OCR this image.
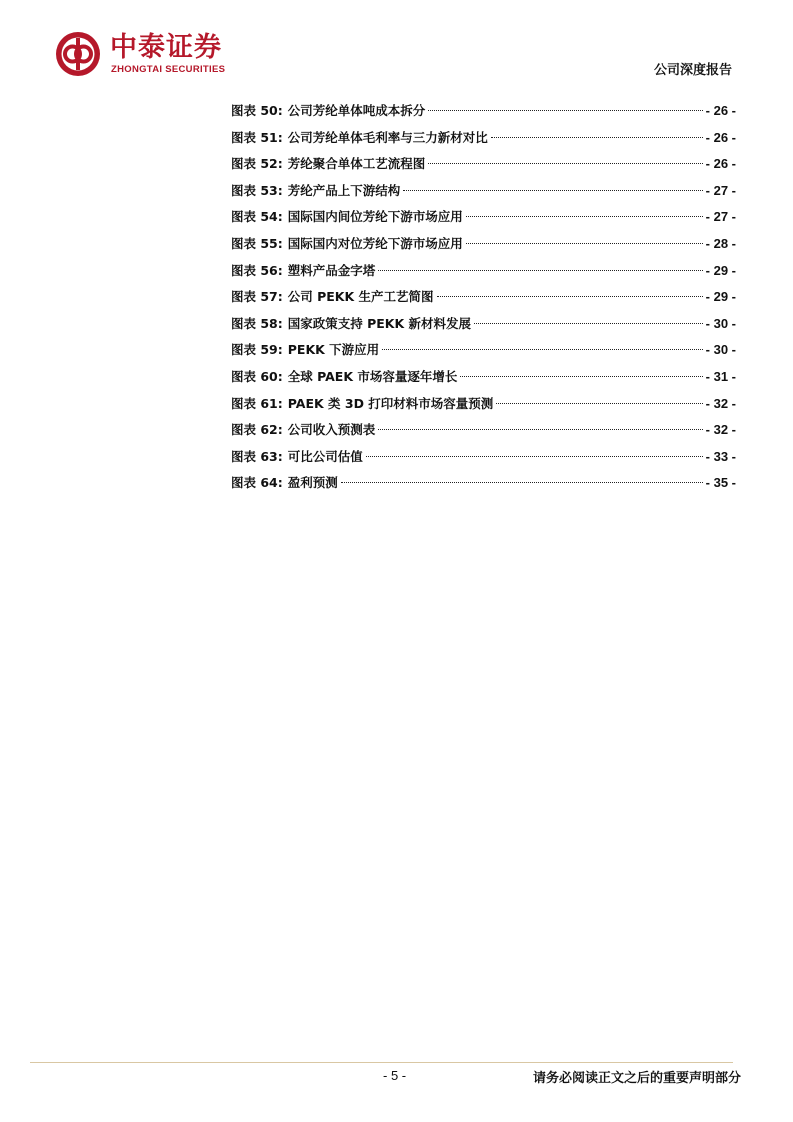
中泰证券
ZHONGTAI SECURITIES	公司深度报告
图表 50: 公司芳纶单体吨成本拆分	- 26 -
图表 51: 公司芳纶单体毛利率与三力新材对比	- 26 -
图表 52: 芳纶聚合单体工艺流程图	- 26 -
图表 53: 芳纶产品上下游结构	- 27 -
图表 54: 国际国内间位芳纶下游市场应用	- 27 -
图表 55: 国际国内对位芳纶下游市场应用	- 28 -
图表 56: 塑料产品金字塔	- 29 -
图表 57: 公司 PEKK 生产工艺简图	- 29 -
图表 58: 国家政策支持 PEKK 新材料发展	- 30 -
图表 59: PEKK 下游应用	- 30 -
图表 60: 全球 PAEK 市场容量逐年增长	- 31 -
图表 61: PAEK 类 3D 打印材料市场容量预测	- 32 -
图表 62: 公司收入预测表	- 32 -
图表 63: 可比公司估值	- 33 -
图表 64: 盈利预测	- 35 -
- 5 -	请务必阅读正文之后的重要声明部分
